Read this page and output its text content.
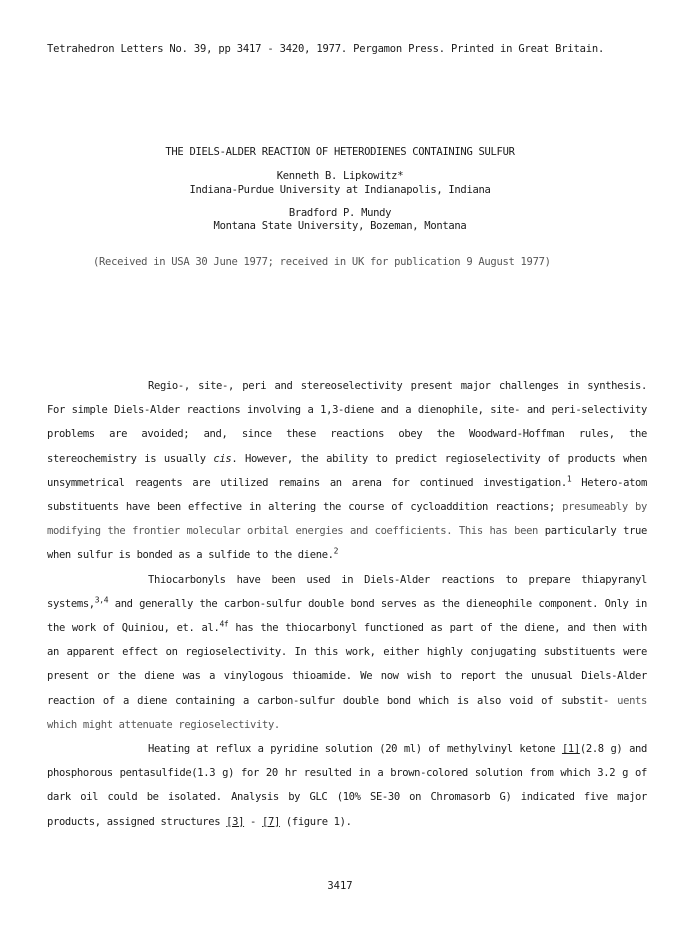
Tetrahedron Letters No. 39, pp 3417 - 3420, 1977. Pergamon Press. Printed in Great Britain.
THE DIELS-ALDER REACTION OF HETERODIENES CONTAINING SULFUR
Kenneth B. Lipkowitz*
Indiana-Purdue University at Indianapolis, Indiana
Bradford P. Mundy
Montana State University, Bozeman, Montana
(Received in USA 30 June 1977; received in UK for publication 9 August 1977)

Regio-, site-, peri and stereoselectivity present major challenges in synthesis. For simple Diels-Alder reactions involving a 1,3-diene and a dienophile, site- and peri-selectivity problems are avoided; and, since these reactions obey the Woodward-Hoffman rules, the stereochemistry is usually cis. However, the ability to predict regioselectivity of products when unsymmetrical reagents are utilized remains an arena for continued investigation.$^1$ Hetero-atom substituents have been effective in altering the course of cycloaddition reactions; presumeably by modifying the frontier molecular orbital energies and coefficients. This has been particularly true when sulfur is bonded as a sulfide to the diene.$^2$

Thiocarbonyls have been used in Diels-Alder reactions to prepare thiapyranyl systems,$^{3,4}$ and generally the carbon-sulfur double bond serves as the dieneophile component. Only in the work of Quiniou, et. al.$^{4f}$ has the thiocarbonyl functioned as part of the diene, and then with an apparent effect on regioselectivity. In this work, either highly conjugating substituents were present or the diene was a vinylogous thioamide. We now wish to report the unusual Diels-Alder reaction of a diene containing a carbon-sulfur double bond which is also void of substit- uents which might attenuate regioselectivity.

Heating at reflux a pyridine solution (20 ml) of methylvinyl ketone [1](2.8 g) and phosphorous pentasulfide(1.3 g) for 20 hr resulted in a brown-colored solution from which 3.2 g of dark oil could be isolated. Analysis by GLC (10% SE-30 on Chromasorb G) indicated five major products, assigned structures [3] - [7] (figure 1).

3417
